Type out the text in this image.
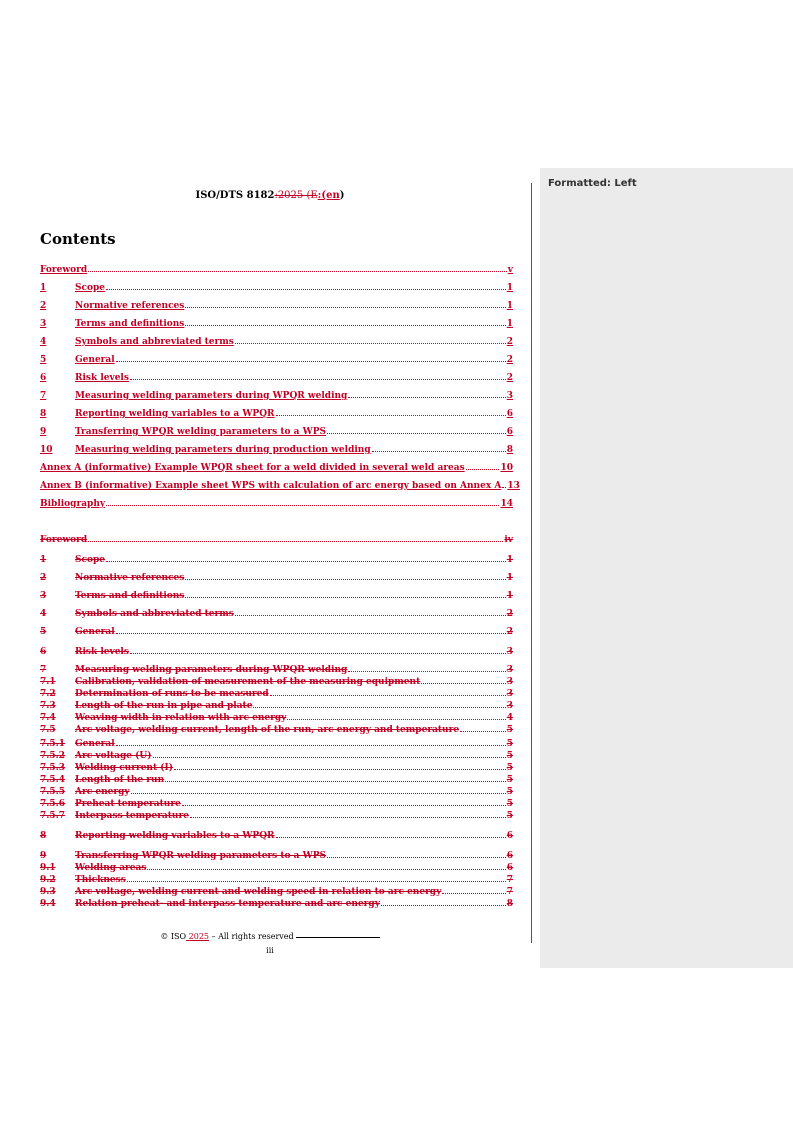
Formatted: Left
ISO/DTS 8182:2025 (E:(en)
Contents
Foreword	v
1	Scope	1
2	Normative references	1
3	Terms and definitions	1
4	Symbols and abbreviated terms	2
5	General	2
6	Risk levels	2
7	Measuring welding parameters during WPQR welding	3
8	Reporting welding variables to a WPQR	6
9	Transferring WPQR welding parameters to a WPS	6
10	Measuring welding parameters during production welding	8
Annex A (informative) Example WPQR sheet for a weld divided in several weld areas	10
Annex B (informative) Example sheet WPS with calculation of arc energy based on Annex A 13
Bibliography	14
Foreword	iv
1	Scope	1
2	Normative references	1
3	Terms and definitions	1
4	Symbols and abbreviated terms	2
5	General	2
6	Risk levels	3
7	Measuring welding parameters during WPQR welding	3
7.1	Calibration, validation of measurement of the measuring equipment	3
7.2	Determination of runs to be measured	3
7.3	Length of the run in pipe and plate	3
7.4	Weaving width in relation with arc energy	4
7.5	Arc voltage, welding current, length of the run, arc energy and temperature	5
7.5.1	General	5
7.5.2	Arc voltage (U)	5
7.5.3	Welding current (I)	5
7.5.4	Length of the run	5
7.5.5	Arc energy	5
7.5.6	Preheat temperature	5
7.5.7	Interpass temperature	5
8	Reporting welding variables to a WPQR	6
9	Transferring WPQR welding parameters to a WPS	6
9.1	Welding areas	6
9.2	Thickness	7
9.3	Arc voltage, welding current and welding speed in relation to arc energy	7
9.4	Relation preheat- and interpass temperature and arc energy	8
© ISO 2025 – All rights reserved
iii
